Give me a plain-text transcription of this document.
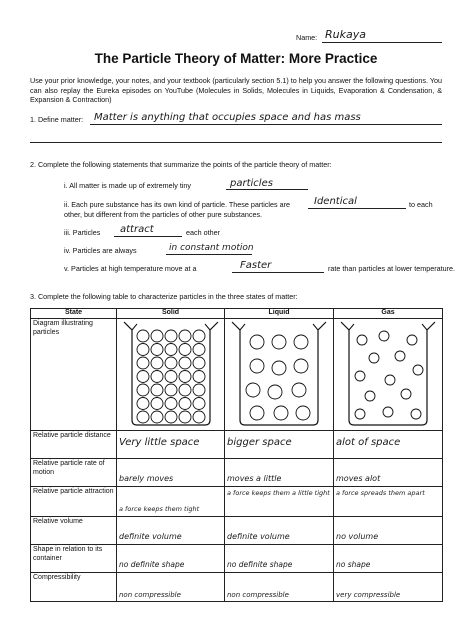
Name: Rukaya
The Particle Theory of Matter: More Practice
Use your prior knowledge, your notes, and your textbook (particularly section 5.1) to help you answer the following questions. You can also replay the Eureka episodes on YouTube (Molecules in Solids, Molecules in Liquids, Evaporation & Condensation, & Expansion & Contraction)
1. Define matter: Matter is anything that occupies space and has mass
2. Complete the following statements that summarize the points of the particle theory of matter:
i. All matter is made up of extremely tiny	particles
ii. Each pure substance has its own kind of particle. These particles are Identical	to each
other, but different from the particles of other pure substances.
iii. Particles attract	each other
iv. Particles are always	in constant motion
v. Particles at high temperature move at a	Faster	rate than particles at lower temperature.
3. Complete the following table to characterize particles in the three states of matter:
State	Solid	Liquid	Gas
Diagram illustrating particles	

Relative particle distance	Very little space	bigger space	alot of space

Relative particle rate of motion	barely moves	moves a little	moves alot

Relative particle attraction	a force keeps them tight	a force keeps them a little tight	a force spreads them apart

Relative volume	definite volume	definite volume	no volume

Shape in relation to its container	no definite shape	no definite shape	no shape

Compressibility	non compressible	non compressible	very compressible
